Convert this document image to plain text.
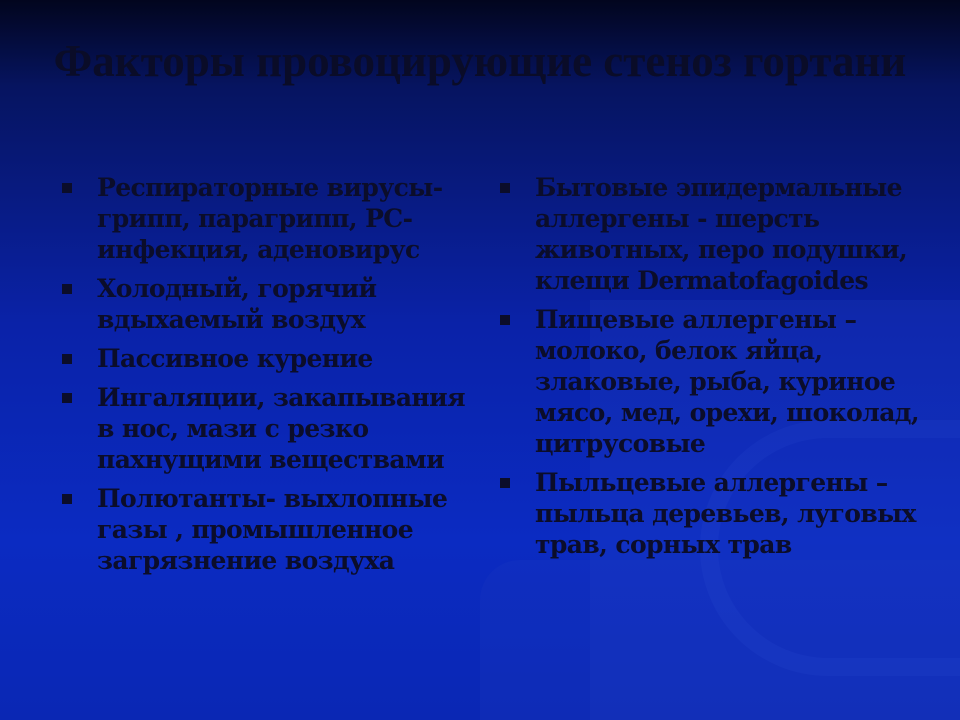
Факторы провоцирующие стеноз гортани
Респираторные вирусы-грипп, парагрипп, РС-инфекция, аденовирус
Холодный, горячий вдыхаемый воздух
Пассивное курение
Ингаляции, закапывания в нос, мази с резко пахнущими веществами
Полютанты- выхлопные газы , промышленное загрязнение воздуха
Бытовые эпидермальные аллергены - шерсть животных, перо подушки, клещи Dermatofagoides
Пищевые аллергены – молоко, белок яйца, злаковые, рыба, куриное мясо, мед, орехи, шоколад, цитрусовые
Пыльцевые аллергены – пыльца деревьев, луговых трав, сорных трав
